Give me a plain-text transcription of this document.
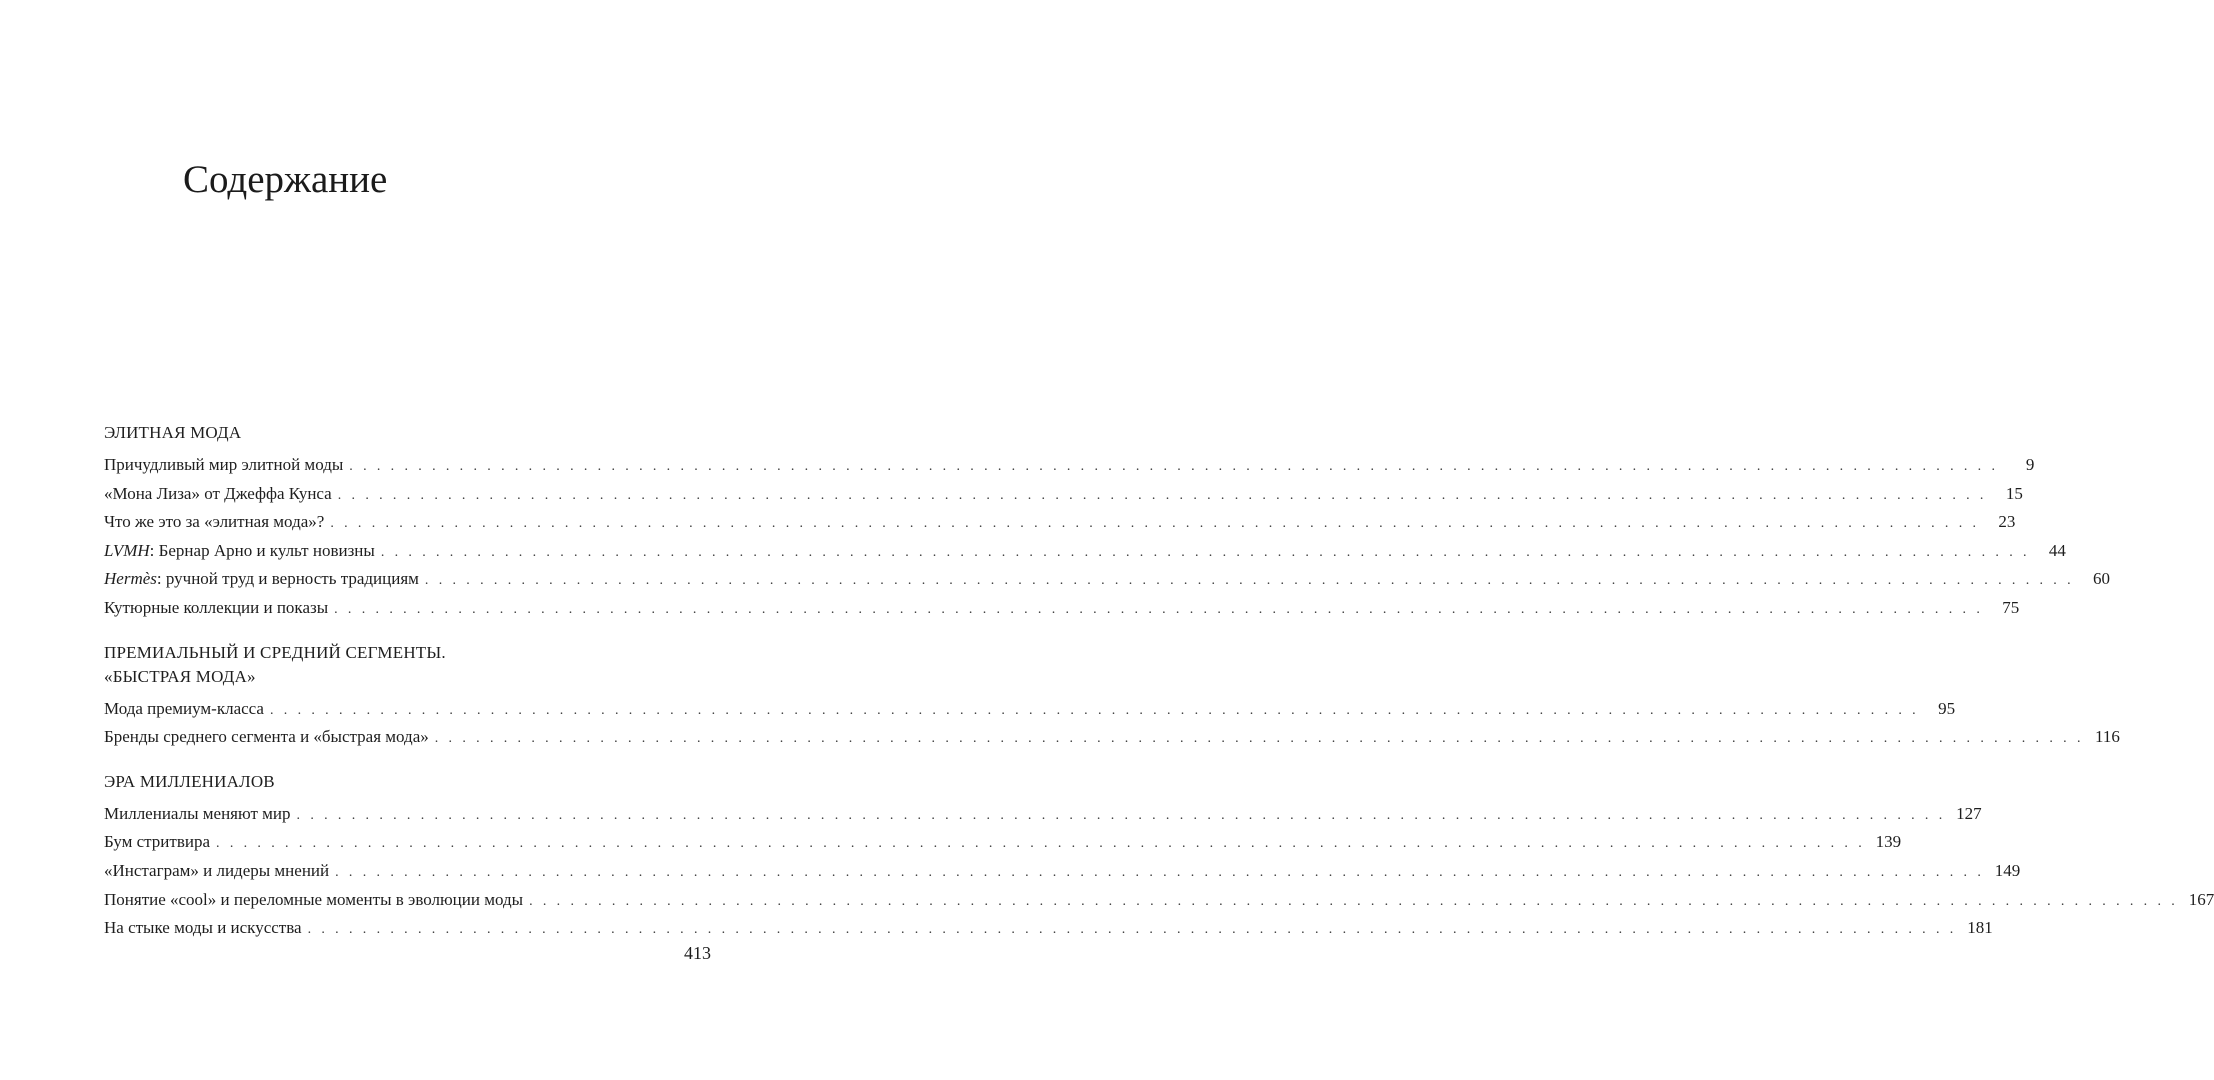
Содержание
ЭЛИТНАЯ МОДА
Причудливый мир элитной моды . . . . . . . . . . . . . . . . . . . . . . . . . . . . . . . . . . . . . . . . . . . . . . . . . . . . . . . . . . . . . . . . . . . . . . . . . . . . . . . . . . . . . . . . . . . . . . . . . . . . . . . . . . . . . . . . . . . . . . . .	9
«Мона Лиза» от Джеффа Кунса . . . . . . . . . . . . . . . . . . . . . . . . . . . . . . . . . . . . . . . . . . . . . . . . . . . . . . . . . . . . . . . . . . . . . . . . . . . . . . . . . . . . . . . . . . . . . . . . . . . . . . . . . . . . . . . . . . . . . . . .	15
Что же это за «элитная мода»? . . . . . . . . . . . . . . . . . . . . . . . . . . . . . . . . . . . . . . . . . . . . . . . . . . . . . . . . . . . . . . . . . . . . . . . . . . . . . . . . . . . . . . . . . . . . . . . . . . . . . . . . . . . . . . . . . . . . . . . .	23
LVMH: Бернар Арно и культ новизны . . . . . . . . . . . . . . . . . . . . . . . . . . . . . . . . . . . . . . . . . . . . . . . . . . . . . . . . . . . . . . . . . . . . . . . . . . . . . . . . . . . . . . . . . . . . . . . . . . . . . . . . . . . . . . . . . . . . . . . .	44
Hermès: ручной труд и верность традициям . . . . . . . . . . . . . . . . . . . . . . . . . . . . . . . . . . . . . . . . . . . . . . . . . . . . . . . . . . . . . . . . . . . . . . . . . . . . . . . . . . . . . . . . . . . . . . . . . . . . . . . . . . . . . . . . . . . . . . . .	60
Кутюрные коллекции и показы . . . . . . . . . . . . . . . . . . . . . . . . . . . . . . . . . . . . . . . . . . . . . . . . . . . . . . . . . . . . . . . . . . . . . . . . . . . . . . . . . . . . . . . . . . . . . . . . . . . . . . . . . . . . . . . . . . . . . . . .	75
ПРЕМИАЛЬНЫЙ И СРЕДНИЙ СЕГМЕНТЫ.
«БЫСТРАЯ МОДА»
Мода премиум-класса . . . . . . . . . . . . . . . . . . . . . . . . . . . . . . . . . . . . . . . . . . . . . . . . . . . . . . . . . . . . . . . . . . . . . . . . . . . . . . . . . . . . . . . . . . . . . . . . . . . . . . . . . . . . . . . . . . . . . . . .	95
Бренды среднего сегмента и «быстрая мода» . . . . . . . . . . . . . . . . . . . . . . . . . . . . . . . . . . . . . . . . . . . . . . . . . . . . . . . . . . . . . . . . . . . . . . . . . . . . . . . . . . . . . . . . . . . . . . . . . . . . . . . . . . . . . . . . . . . . . . . . 116
ЭРА МИЛЛЕНИАЛОВ
Миллениалы меняют мир . . . . . . . . . . . . . . . . . . . . . . . . . . . . . . . . . . . . . . . . . . . . . . . . . . . . . . . . . . . . . . . . . . . . . . . . . . . . . . . . . . . . . . . . . . . . . . . . . . . . . . . . . . . . . . . . . . . . . . . . 127
Бум стритвира . . . . . . . . . . . . . . . . . . . . . . . . . . . . . . . . . . . . . . . . . . . . . . . . . . . . . . . . . . . . . . . . . . . . . . . . . . . . . . . . . . . . . . . . . . . . . . . . . . . . . . . . . . . . . . . . . . . . . . . . 139
«Инстаграм» и лидеры мнений . . . . . . . . . . . . . . . . . . . . . . . . . . . . . . . . . . . . . . . . . . . . . . . . . . . . . . . . . . . . . . . . . . . . . . . . . . . . . . . . . . . . . . . . . . . . . . . . . . . . . . . . . . . . . . . . . . . . . . . . 149
Понятие «cool» и переломные моменты в эволюции моды . . . . . . . . . . . . . . . . . . . . . . . . . . . . . . . . . . . . . . . . . . . . . . . . . . . . . . . . . . . . . . . . . . . . . . . . . . . . . . . . . . . . . . . . . . . . . . . . . . . . . . . . . . . . . . . . . . . . . . . . 167
На стыке моды и искусства . . . . . . . . . . . . . . . . . . . . . . . . . . . . . . . . . . . . . . . . . . . . . . . . . . . . . . . . . . . . . . . . . . . . . . . . . . . . . . . . . . . . . . . . . . . . . . . . . . . . . . . . . . . . . . . . . . . . . . . . 181
413
